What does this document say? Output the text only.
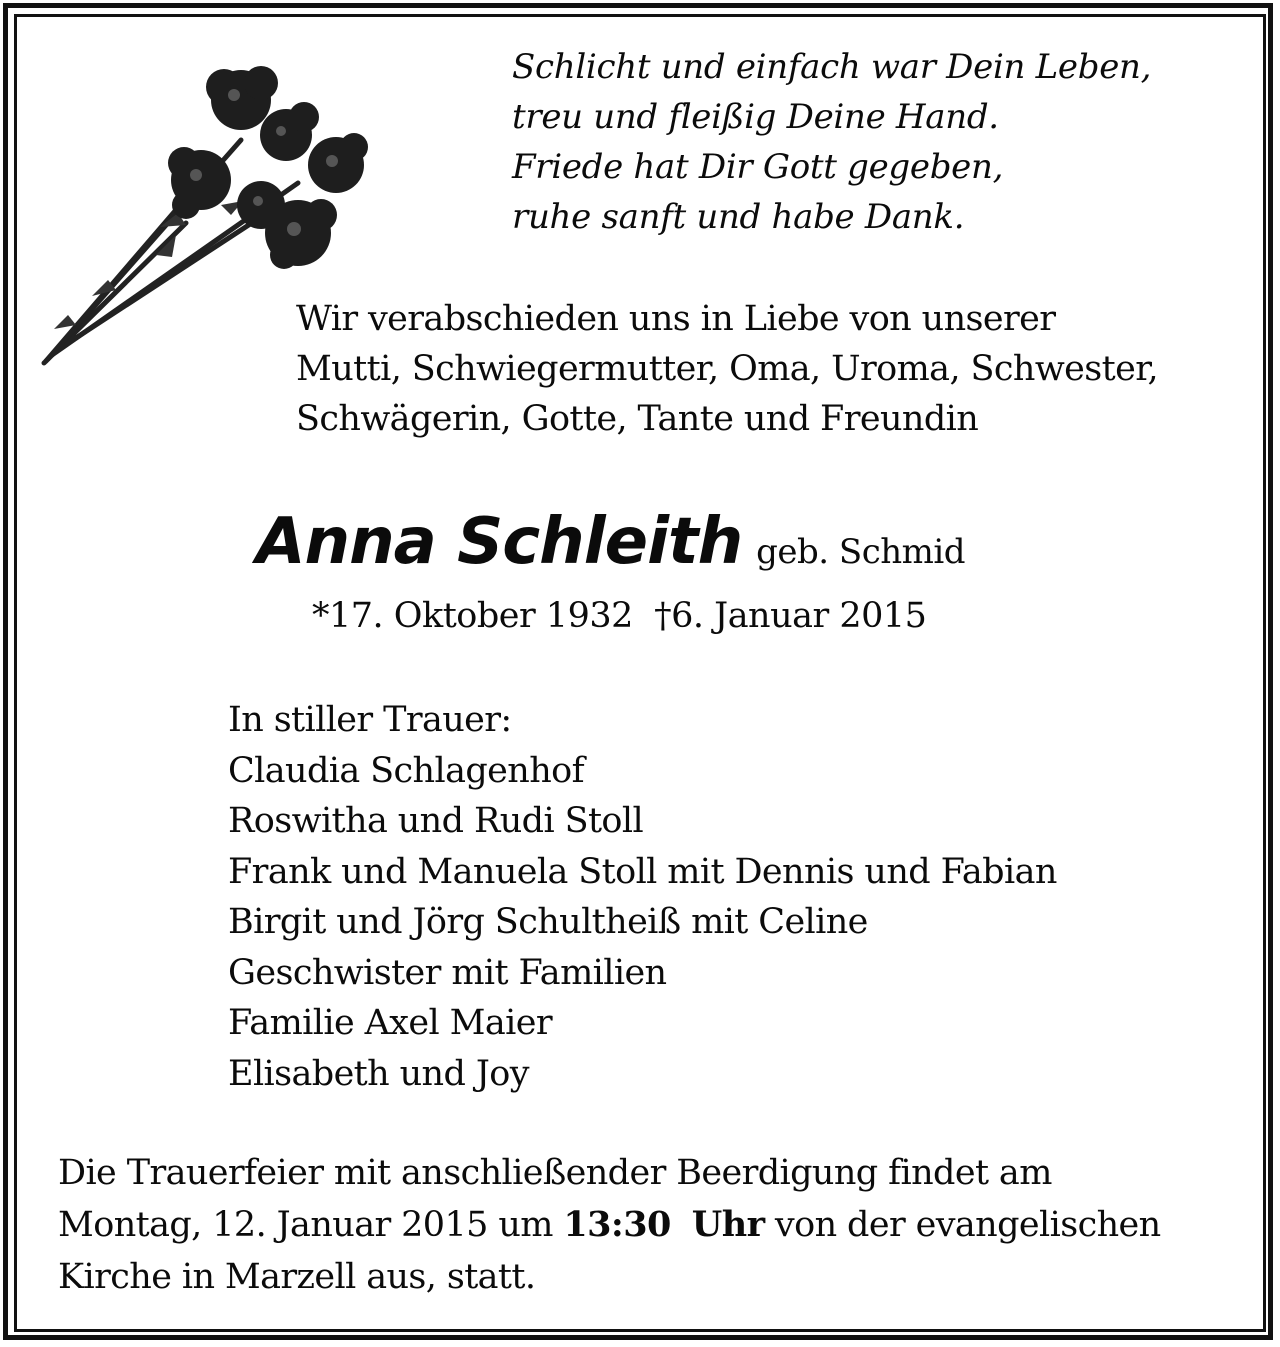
Schlicht und einfach war Dein Leben,
treu und fleißig Deine Hand.
Friede hat Dir Gott gegeben,
ruhe sanft und habe Dank.
Wir verabschieden uns in Liebe von unserer
Mutti, Schwiegermutter, Oma, Uroma, Schwester,
Schwägerin, Gotte, Tante und Freundin
Anna Schleith geb. Schmid
*17. Oktober 1932 †6. Januar 2015
In stiller Trauer:
Claudia Schlagenhof
Roswitha und Rudi Stoll
Frank und Manuela Stoll mit Dennis und Fabian
Birgit und Jörg Schultheiß mit Celine
Geschwister mit Familien
Familie Axel Maier
Elisabeth und Joy
Die Trauerfeier mit anschließender Beerdigung findet am
Montag, 12. Januar 2015 um 13:30 Uhr von der evangelischen
Kirche in Marzell aus, statt.
